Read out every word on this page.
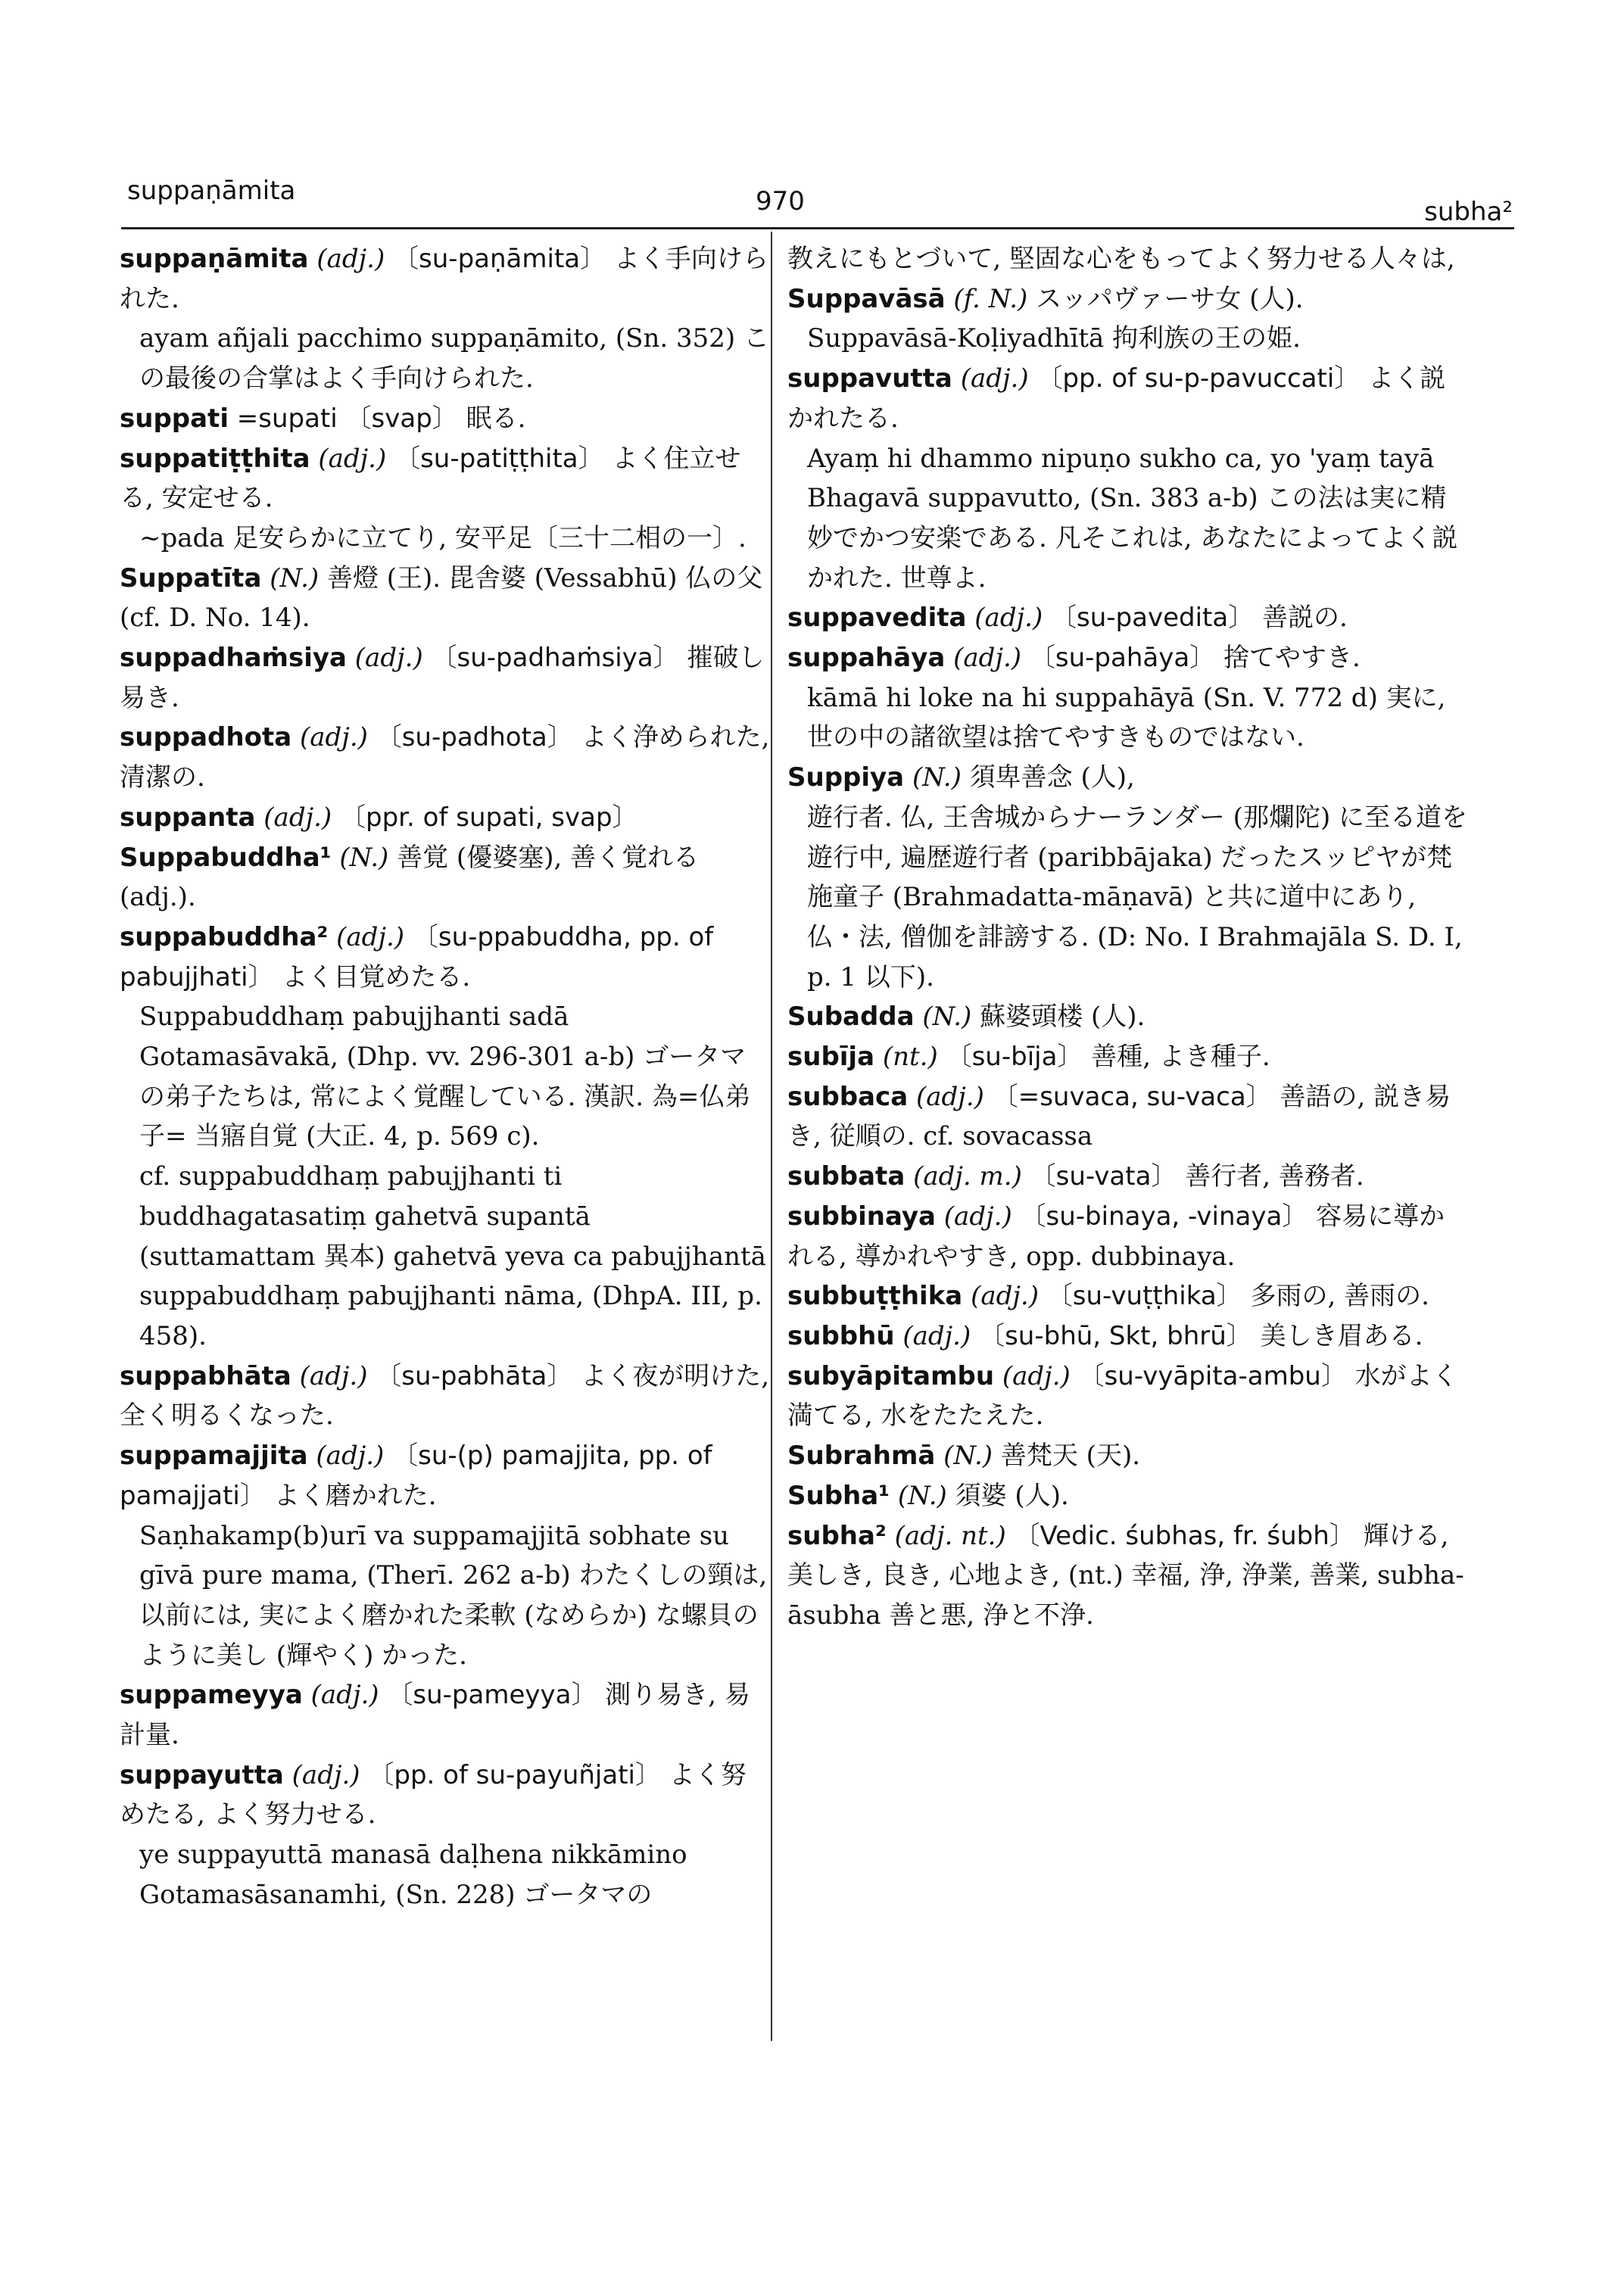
suppaṇāmita	970	subha²

suppaṇāmita (adj.) 〔su-paṇāmita〕 よく手向けられた.

ayam añjali pacchimo suppaṇāmito, (Sn. 352) この最後の合掌はよく手向けられた.

suppati =supati 〔svap〕 眠る.

suppatiṭṭhita (adj.) 〔su-patiṭṭhita〕 よく住立せる, 安定せる.

~pada 足安らかに立てり, 安平足〔三十二相の一〕.

Suppatīta (N.) 善燈 (王). 毘舎婆 (Vessabhū) 仏の父 (cf. D. No. 14).

suppadhaṁsiya (adj.) 〔su-padhaṁsiya〕 摧破し易き.

suppadhota (adj.) 〔su-padhota〕 よく浄められた, 清潔の.

suppanta (adj.) 〔ppr. of supati, svap〕

Suppabuddha¹ (N.) 善覚 (優婆塞), 善く覚れる (adj.).

suppabuddha² (adj.) 〔su-ppabuddha, pp. of pabujjhati〕 よく目覚めたる.

Suppabuddhaṃ pabujjhanti sadā Gotamasāvakā, (Dhp. vv. 296-301 a-b) ゴータマの弟子たちは, 常によく覚醒している. 漢訳. 為=仏弟子= 当寤自覚 (大正. 4, p. 569 c).

cf. suppabuddhaṃ pabujjhanti ti buddhagatasatiṃ gahetvā supantā (suttamattam 異本) gahetvā yeva ca pabujjhantā suppabuddhaṃ pabujjhanti nāma, (DhpA. III, p. 458).

suppabhāta (adj.) 〔su-pabhāta〕 よく夜が明けた, 全く明るくなった.

suppamajjita (adj.) 〔su-(p) pamajjita, pp. of pamajjati〕 よく磨かれた.

Saṇhakamp(b)urī va suppamajjitā sobhate su gīvā pure mama, (Therī. 262 a-b) わたくしの頸は, 以前には, 実によく磨かれた柔軟 (なめらか) な螺貝のように美し (輝やく) かった.

suppameyya (adj.) 〔su-pameyya〕 測り易き, 易計量.

suppayutta (adj.) 〔pp. of su-payuñjati〕 よく努めたる, よく努力せる.

ye suppayuttā manasā daḷhena nikkāmino Gotamasāsanamhi, (Sn. 228) ゴータマの

教えにもとづいて, 堅固な心をもってよく努力せる人々は,

Suppavāsā (f. N.) スッパヴァーサ女 (人).

Suppavāsā-Koḷiyadhītā 拘利族の王の姫.

suppavutta (adj.) 〔pp. of su-p-pavuccati〕 よく説かれたる.

Ayaṃ hi dhammo nipuṇo sukho ca, yo 'yaṃ tayā Bhagavā suppavutto, (Sn. 383 a-b) この法は実に精妙でかつ安楽である. 凡そこれは, あなたによってよく説かれた. 世尊よ.

suppavedita (adj.) 〔su-pavedita〕 善説の.

suppahāya (adj.) 〔su-pahāya〕 捨てやすき.

kāmā hi loke na hi suppahāyā (Sn. V. 772 d) 実に, 世の中の諸欲望は捨てやすきものではない.

Suppiya (N.) 須卑善念 (人),

遊行者. 仏, 王舎城からナーランダー (那爛陀) に至る道を遊行中, 遍歴遊行者 (paribbājaka) だったスッピヤが梵施童子 (Brahmadatta-māṇavā) と共に道中にあり, 仏・法, 僧伽を誹謗する. (D: No. I Brahmajāla S. D. I, p. 1 以下).

Subadda (N.) 蘇婆頭楼 (人).

subīja (nt.) 〔su-bīja〕 善種, よき種子.

subbaca (adj.) 〔=suvaca, su-vaca〕 善語の, 説き易き, 従順の. cf. sovacassa

subbata (adj. m.) 〔su-vata〕 善行者, 善務者.

subbinaya (adj.) 〔su-binaya, -vinaya〕 容易に導かれる, 導かれやすき, opp. dubbinaya.

subbuṭṭhika (adj.) 〔su-vuṭṭhika〕 多雨の, 善雨の.

subbhū (adj.) 〔su-bhū, Skt, bhrū〕 美しき眉ある.

subyāpitambu (adj.) 〔su-vyāpita-ambu〕 水がよく満てる, 水をたたえた.

Subrahmā (N.) 善梵天 (天).

Subha¹ (N.) 須婆 (人).

subha² (adj. nt.) 〔Vedic. śubhas, fr. śubh〕 輝ける, 美しき, 良き, 心地よき, (nt.) 幸福, 浄, 浄業, 善業, subha-āsubha 善と悪, 浄と不浄.
